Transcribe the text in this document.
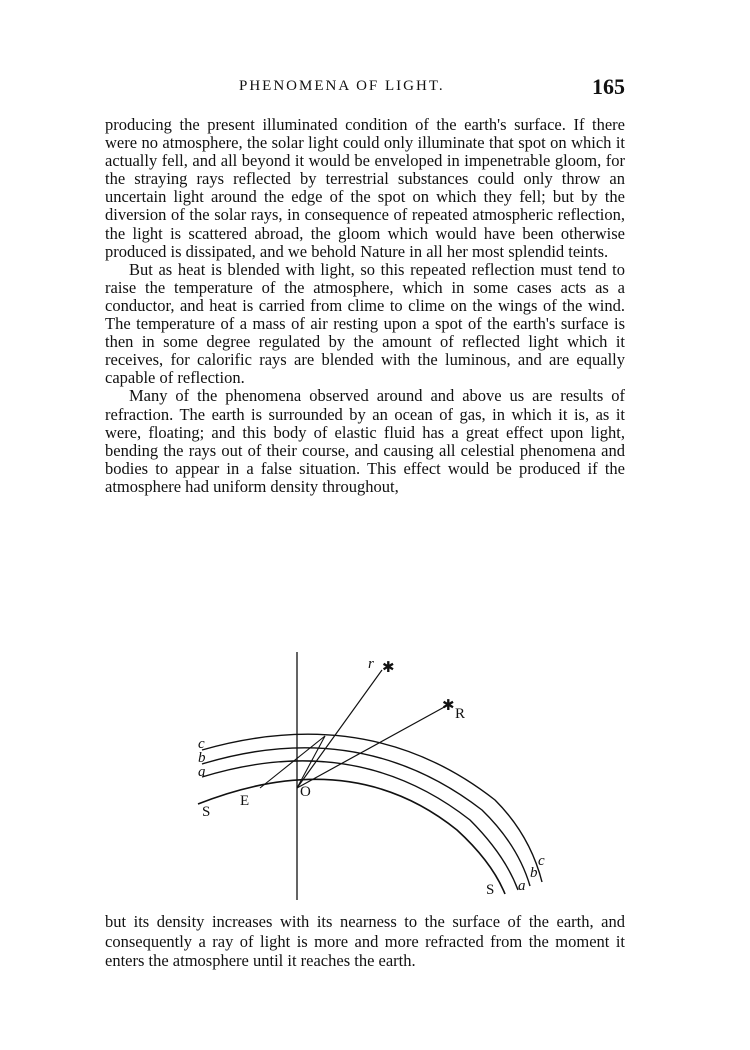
PHENOMENA OF LIGHT.	165

producing the present illuminated condition of the earth's surface. If there were no atmosphere, the solar light could only illuminate that spot on which it actually fell, and all beyond it would be enveloped in impenetrable gloom, for the straying rays reflected by terrestrial substances could only throw an uncertain light around the edge of the spot on which they fell; but by the diversion of the solar rays, in consequence of repeated atmospheric reflection, the light is scattered abroad, the gloom which would have been otherwise produced is dissipated, and we behold Nature in all her most splendid teints.

But as heat is blended with light, so this repeated reflection must tend to raise the temperature of the atmosphere, which in some cases acts as a conductor, and heat is carried from clime to clime on the wings of the wind. The temperature of a mass of air resting upon a spot of the earth's surface is then in some degree regulated by the amount of reflected light which it receives, for calorific rays are blended with the luminous, and are equally capable of reflection.

Many of the phenomena observed around and above us are results of refraction. The earth is surrounded by an ocean of gas, in which it is, as it were, floating; and this body of elastic fluid has a great effect upon light, bending the rays out of their course, and causing all celestial phenomena and bodies to appear in a false situation. This effect would be produced if the atmosphere had uniform density throughout,

✱
✱
c
b
a
S
E
O
r
R
S a
b
c

but its density increases with its nearness to the surface of the earth, and consequently a ray of light is more and more refracted from the moment it enters the atmosphere until it reaches the earth.
